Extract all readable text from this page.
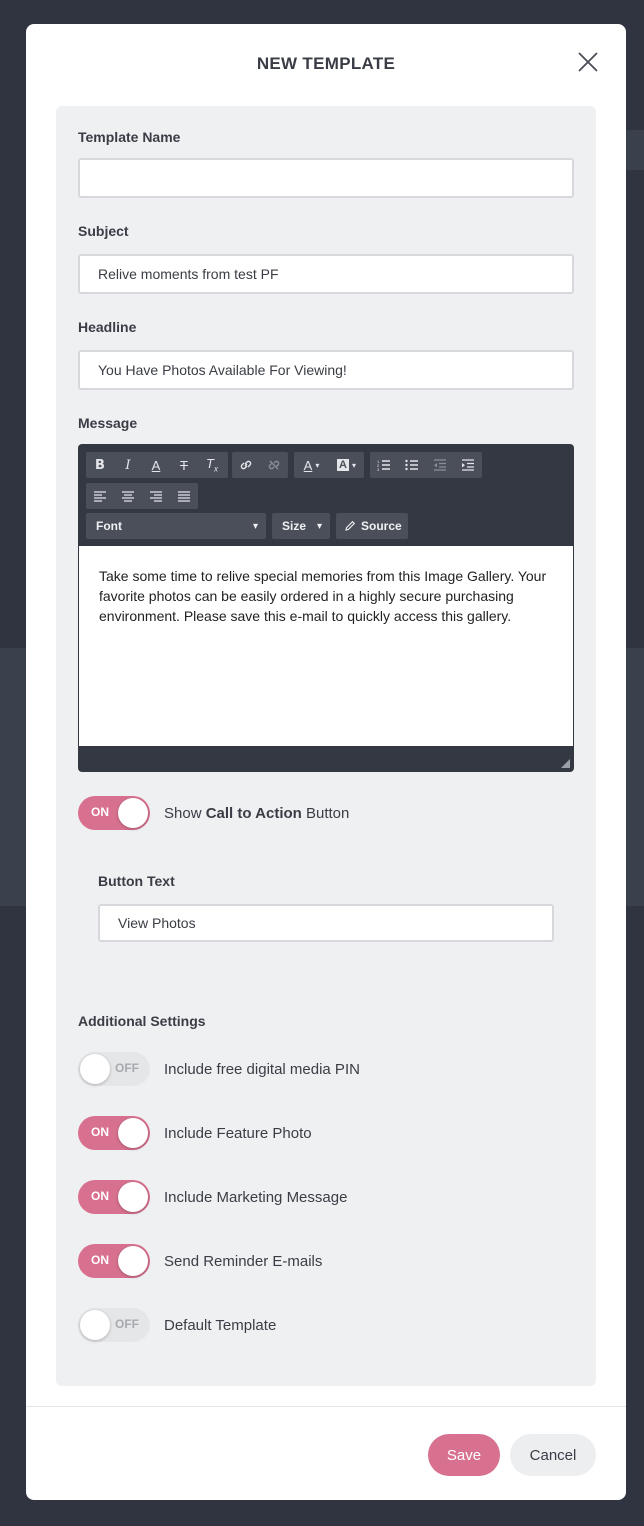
NEW TEMPLATE
Template Name
Subject
Relive moments from test PF
Headline
You Have Photos Available For Viewing!
Message
B I A T $T_x$	A ▾ A ▾	1
2
3
Font	▾ Size ▾	Source
Take some time to relive special memories from this Image Gallery. Your favorite photos can be easily ordered in a highly secure purchasing environment. Please save this e-mail to quickly access this gallery.
ON	Show Call to Action Button
Button Text
View Photos
Additional Settings
OFF Include free digital media PIN
ON	Include Feature Photo
ON	Include Marketing Message
ON	Send Reminder E-mails
OFF Default Template
Save	Cancel
